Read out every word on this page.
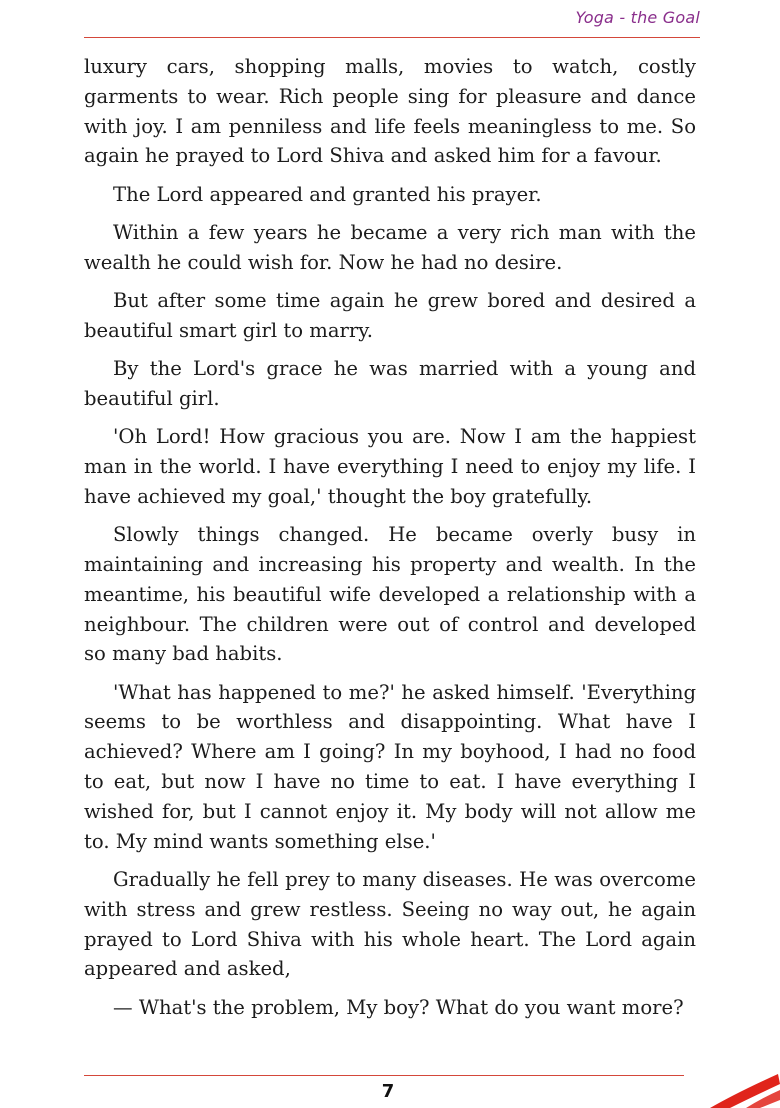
Yoga - the Goal

luxury cars, shopping malls, movies to watch, costly garments to wear. Rich people sing for pleasure and dance with joy. I am penniless and life feels meaningless to me. So again he prayed to Lord Shiva and asked him for a favour.

The Lord appeared and granted his prayer.

Within a few years he became a very rich man with the wealth he could wish for. Now he had no desire.

But after some time again he grew bored and desired a beautiful smart girl to marry.

By the Lord's grace he was married with a young and beautiful girl.

'Oh Lord! How gracious you are. Now I am the happiest man in the world. I have everything I need to enjoy my life. I have achieved my goal,' thought the boy gratefully.

Slowly things changed. He became overly busy in maintaining and increasing his property and wealth. In the meantime, his beautiful wife developed a relationship with a neighbour. The children were out of control and developed so many bad habits.

'What has happened to me?' he asked himself. 'Everything seems to be worthless and disappointing. What have I achieved? Where am I going? In my boyhood, I had no food to eat, but now I have no time to eat. I have everything I wished for, but I cannot enjoy it. My body will not allow me to. My mind wants something else.'

Gradually he fell prey to many diseases. He was overcome with stress and grew restless. Seeing no way out, he again prayed to Lord Shiva with his whole heart. The Lord again appeared and asked,

— What's the problem, My boy? What do you want more?

7
